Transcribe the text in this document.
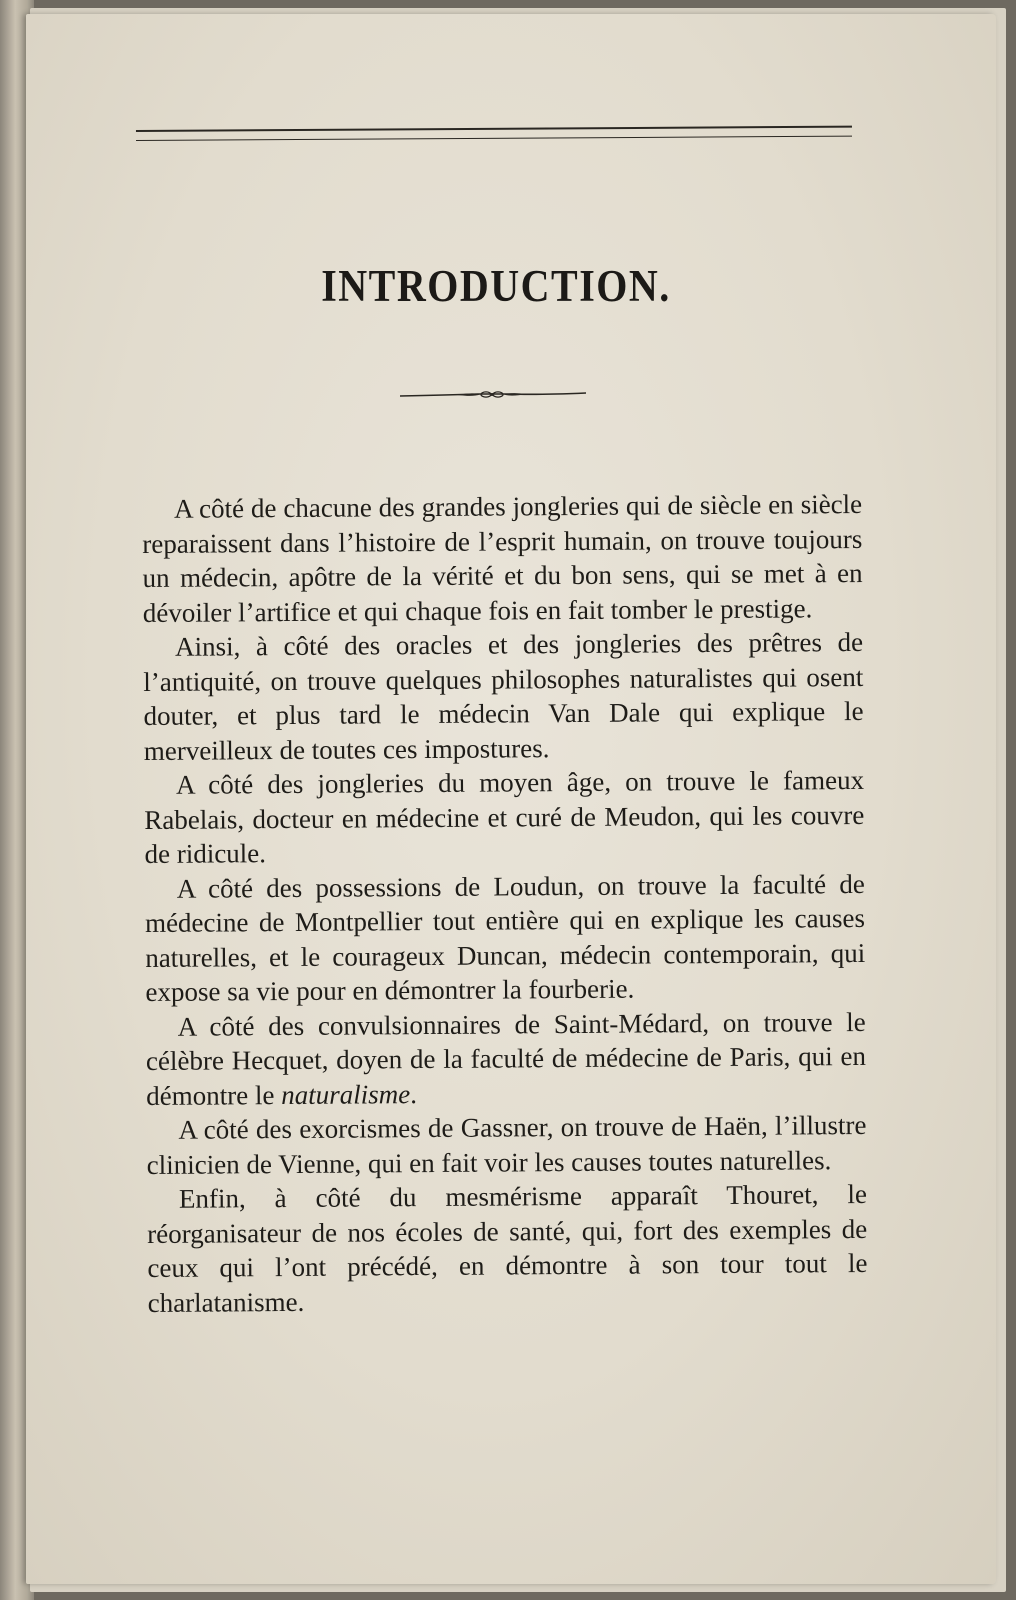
INTRODUCTION.

A côté de chacune des grandes jongleries qui de siècle en siècle reparaissent dans l’histoire de l’esprit humain, on trouve toujours un médecin, apôtre de la vérité et du bon sens, qui se met à en dévoiler l’artifice et qui chaque fois en fait tomber le prestige.

Ainsi, à côté des oracles et des jongleries des prêtres de l’antiquité, on trouve quelques philosophes naturalistes qui osent douter, et plus tard le médecin Van Dale qui explique le merveilleux de toutes ces impostures.

A côté des jongleries du moyen âge, on trouve le fameux Rabelais, docteur en médecine et curé de Meudon, qui les couvre de ridicule.

A côté des possessions de Loudun, on trouve la faculté de médecine de Montpellier tout entière qui en explique les causes naturelles, et le courageux Duncan, médecin contemporain, qui expose sa vie pour en démontrer la fourberie.

A côté des convulsionnaires de Saint-Médard, on trouve le célèbre Hecquet, doyen de la faculté de médecine de Paris, qui en démontre le naturalisme.

A côté des exorcismes de Gassner, on trouve de Haën, l’illustre clinicien de Vienne, qui en fait voir les causes toutes naturelles.

Enfin, à côté du mesmérisme apparaît Thouret, le réorganisateur de nos écoles de santé, qui, fort des exemples de ceux qui l’ont précédé, en démontre à son tour tout le charlatanisme.
